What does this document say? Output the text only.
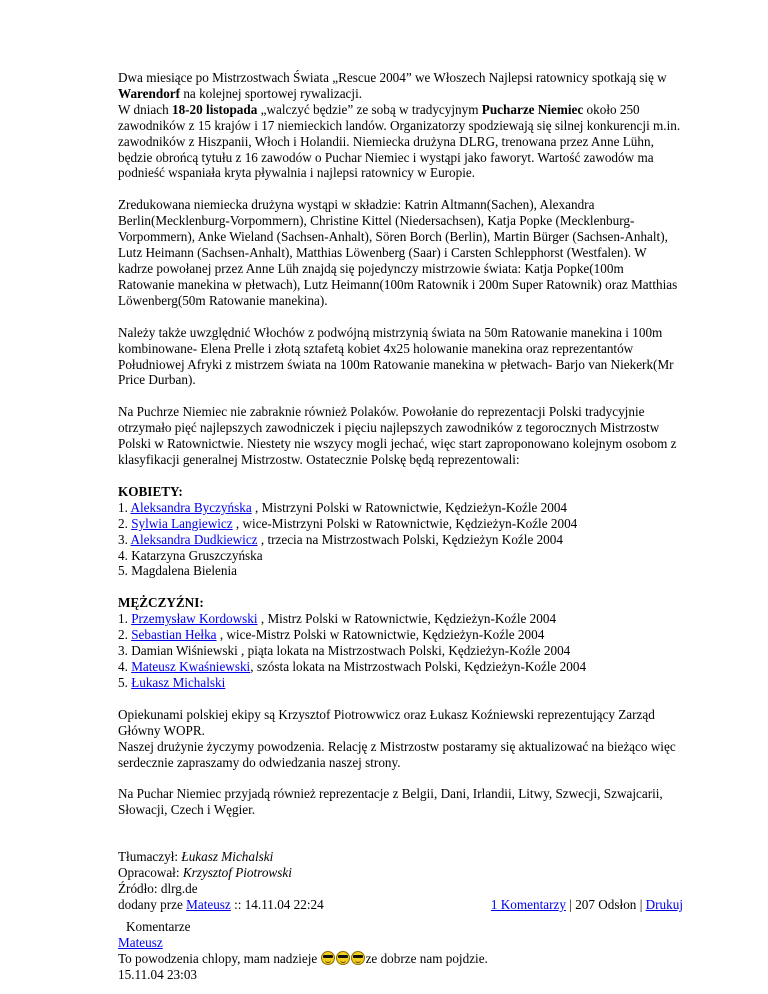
Dwa miesiące po Mistrzostwach Świata „Rescue 2004” we Włoszech Najlepsi ratownicy spotkają się w Warendorf na kolejnej sportowej rywalizacji.
W dniach 18-20 listopada „walczyć będzie” ze sobą w tradycyjnym Pucharze Niemiec około 250 zawodników z 15 krajów i 17 niemieckich landów. Organizatorzy spodziewają się silnej konkurencji m.in. zawodników z Hiszpanii, Włoch i Holandii. Niemiecka drużyna DLRG, trenowana przez Anne Lühn, będzie obrońcą tytułu z 16 zawodów o Puchar Niemiec i wystąpi jako faworyt. Wartość zawodów ma podnieść wspaniała kryta pływalnia i najlepsi ratownicy w Europie.

Zredukowana niemiecka drużyna wystąpi w składzie: Katrin Altmann(Sachen), Alexandra Berlin(Mecklenburg-Vorpommern), Christine Kittel (Niedersachsen), Katja Popke (Mecklenburg-Vorpommern), Anke Wieland (Sachsen-Anhalt), Sören Borch (Berlin), Martin Bürger (Sachsen-Anhalt), Lutz Heimann (Sachsen-Anhalt), Matthias Löwenberg (Saar) i Carsten Schlepphorst (Westfalen). W kadrze powołanej przez Anne Lüh znajdą się pojedynczy mistrzowie świata: Katja Popke(100m Ratowanie manekina w płetwach), Lutz Heimann(100m Ratownik i 200m Super Ratownik) oraz Matthias Löwenberg(50m Ratowanie manekina).

Należy także uwzględnić Włochów z podwójną mistrzynią świata na 50m Ratowanie manekina i 100m kombinowane- Elena Prelle i złotą sztafetą kobiet 4x25 holowanie manekina oraz reprezentantów Południowej Afryki z mistrzem świata na 100m Ratowanie manekina w płetwach- Barjo van Niekerk(Mr Price Durban).

Na Puchrze Niemiec nie zabraknie również Polaków. Powołanie do reprezentacji Polski tradycyjnie otrzymało pięć najlepszych zawodniczek i pięciu najlepszych zawodników z tegorocznych Mistrzostw Polski w Ratownictwie. Niestety nie wszycy mogli jechać, więc start zaproponowano kolejnym osobom z klasyfikacji generalnej Mistrzostw. Ostatecznie Polskę będą reprezentowali:

KOBIETY:
1. Aleksandra Byczyńska , Mistrzyni Polski w Ratownictwie, Kędzieżyn-Koźle 2004
2. Sylwia Langiewicz , wice-Mistrzyni Polski w Ratownictwie, Kędzieżyn-Koźle 2004
3. Aleksandra Dudkiewicz , trzecia na Mistrzostwach Polski, Kędzieżyn Koźle 2004
4. Katarzyna Gruszczyńska
5. Magdalena Bielenia

MĘŻCZYŹNI:
1. Przemysław Kordowski , Mistrz Polski w Ratownictwie, Kędzieżyn-Koźle 2004
2. Sebastian Hełka , wice-Mistrz Polski w Ratownictwie, Kędzieżyn-Koźle 2004
3. Damian Wiśniewski , piąta lokata na Mistrzostwach Polski, Kędzieżyn-Koźle 2004
4. Mateusz Kwaśniewski, szósta lokata na Mistrzostwach Polski, Kędzieżyn-Koźle 2004
5. Łukasz Michalski

Opiekunami polskiej ekipy są Krzysztof Piotrowwicz oraz Łukasz Koźniewski reprezentujący Zarząd Główny WOPR.
Naszej drużynie życzymy powodzenia. Relację z Mistrzostw postaramy się aktualizować na bieżąco więc serdecznie zapraszamy do odwiedzania naszej strony.

Na Puchar Niemiec przyjadą również reprezentacje z Belgii, Dani, Irlandii, Litwy, Szwecji, Szwajcarii, Słowacji, Czech i Węgier.

Tłumaczył: Łukasz Michalski
Opracował: Krzysztof Piotrowski
Źródło: dlrg.de
dodany prze Mateusz :: 14.11.04 22:24	1 Komentarzy | 207 Odsłon | Drukuj
Komentarze
Mateusz
To powodzenia chlopy, mam nadzieje	ze dobrze nam pojdzie.
15.11.04 23:03
